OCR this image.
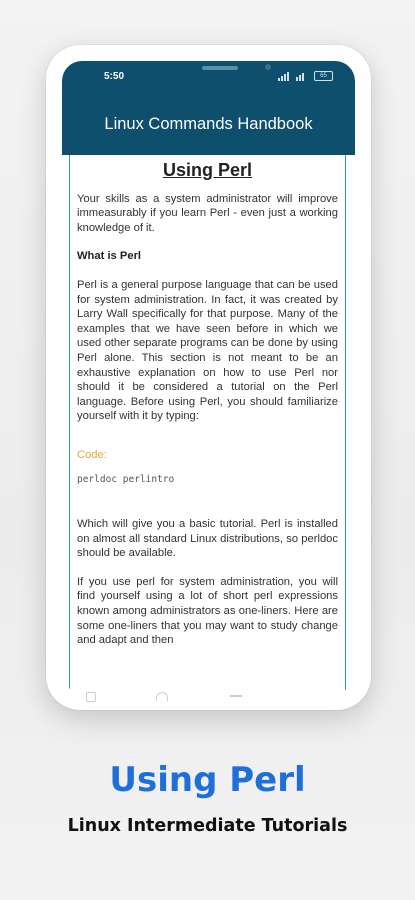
5:50	65
Linux Commands Handbook
Using Perl

Your skills as a system administrator will improve immeasurably if you learn Perl - even just a working knowledge of it.

What is Perl

Perl is a general purpose language that can be used for system administration. In fact, it was created by Larry Wall specifically for that purpose. Many of the examples that we have seen before in which we used other separate programs can be done by using Perl alone. This section is not meant to be an exhaustive explanation on how to use Perl nor should it be considered a tutorial on the Perl language. Before using Perl, you should familiarize yourself with it by typing:

Code:
perldoc perlintro

Which will give you a basic tutorial. Perl is installed on almost all standard Linux distributions, so perldoc should be available.

If you use perl for system administration, you will find yourself using a lot of short perl expressions known among administrators as one-liners. Here are some one-liners that you may want to study change and adapt and then

Using Perl
Linux Intermediate Tutorials
